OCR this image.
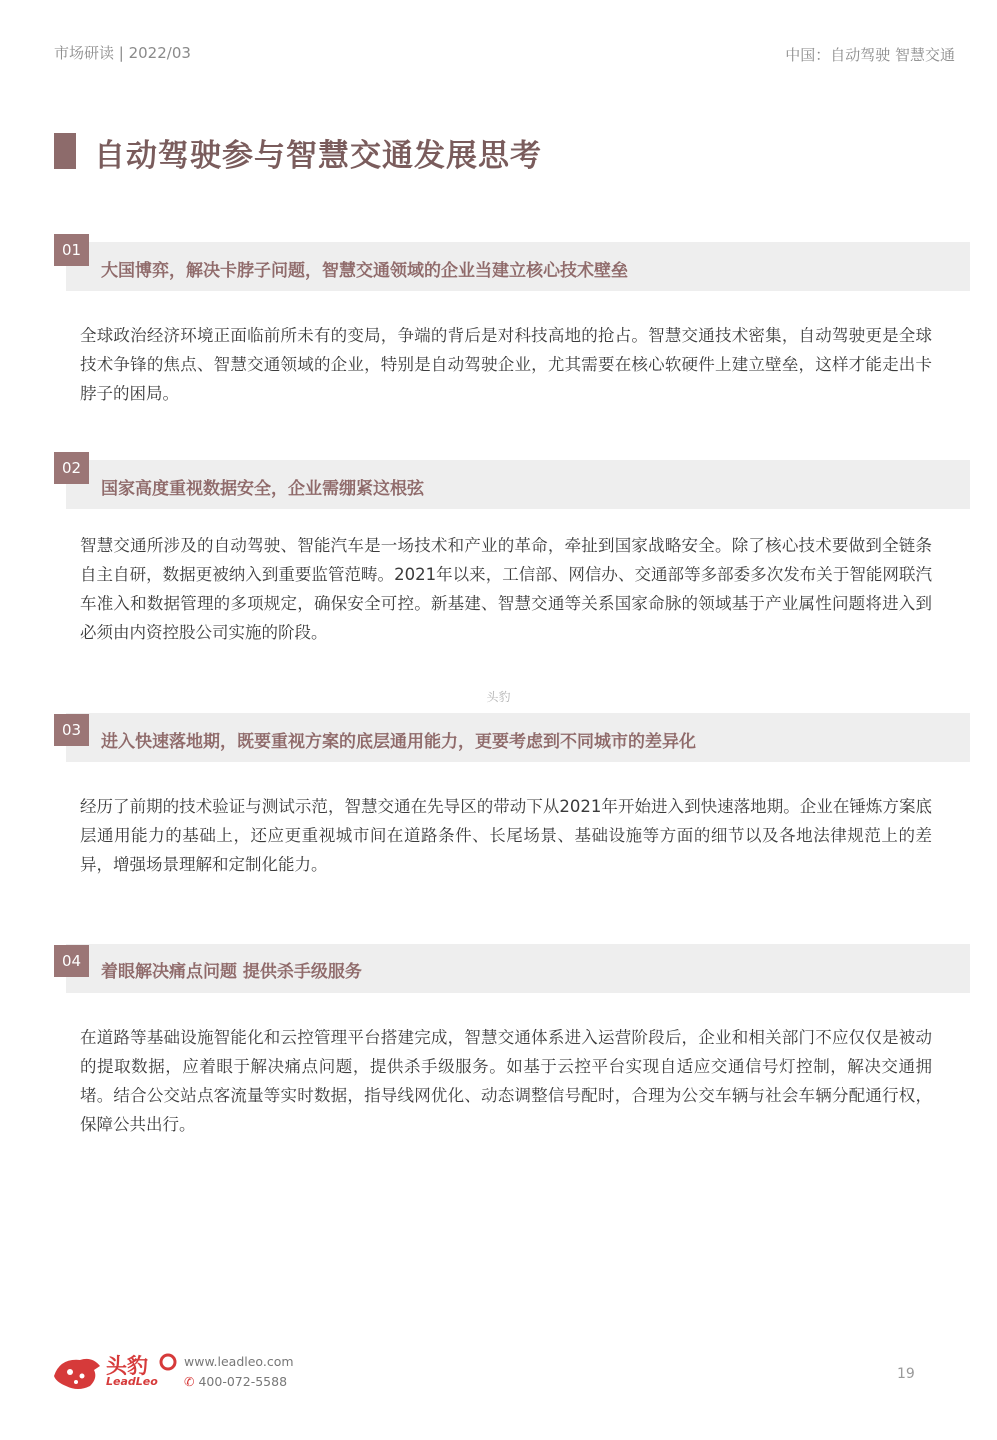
市场研读 | 2022/03	中国：自动驾驶 智慧交通
自动驾驶参与智慧交通发展思考
01
大国博弈，解决卡脖子问题，智慧交通领域的企业当建立核心技术壁垒
全球政治经济环境正面临前所未有的变局，争端的背后是对科技高地的抢占。智慧交通技术密集，自动驾驶更是全球技术争锋的焦点、智慧交通领域的企业，特别是自动驾驶企业，尤其需要在核心软硬件上建立壁垒，这样才能走出卡脖子的困局。
02
国家高度重视数据安全，企业需绷紧这根弦
智慧交通所涉及的自动驾驶、智能汽车是一场技术和产业的革命，牵扯到国家战略安全。除了核心技术要做到全链条自主自研，数据更被纳入到重要监管范畴。2021年以来，工信部、网信办、交通部等多部委多次发布关于智能网联汽车准入和数据管理的多项规定，确保安全可控。新基建、智慧交通等关系国家命脉的领域基于产业属性问题将进入到必须由内资控股公司实施的阶段。
头豹
03
进入快速落地期，既要重视方案的底层通用能力，更要考虑到不同城市的差异化
经历了前期的技术验证与测试示范，智慧交通在先导区的带动下从2021年开始进入到快速落地期。企业在锤炼方案底层通用能力的基础上，还应更重视城市间在道路条件、长尾场景、基础设施等方面的细节以及各地法律规范上的差异，增强场景理解和定制化能力。
04
着眼解决痛点问题 提供杀手级服务
在道路等基础设施智能化和云控管理平台搭建完成，智慧交通体系进入运营阶段后，企业和相关部门不应仅仅是被动的提取数据，应着眼于解决痛点问题，提供杀手级服务。如基于云控平台实现自适应交通信号灯控制，解决交通拥堵。结合公交站点客流量等实时数据，指导线网优化、动态调整信号配时，合理为公交车辆与社会车辆分配通行权，保障公共出行。
头豹
LeadLeo
www.leadleo.com
✆ 400-072-5588	19
